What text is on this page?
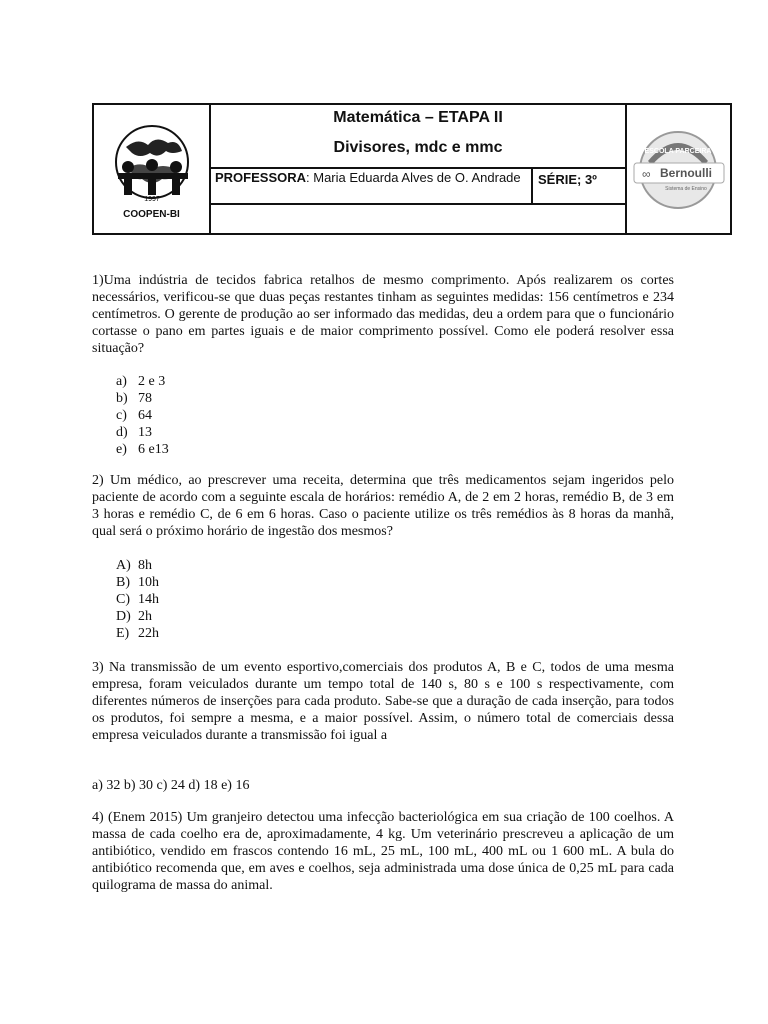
1997
COOPEN-BI
Matemática – ETAPA II
Divisores, mdc e mmc
PROFESSORA: Maria Eduarda Alves de O. Andrade	SÉRIE; 3º
ESCOLA PARCEIRA
∞ Bernoulli
Sistema de Ensino

1)Uma indústria de tecidos fabrica retalhos de mesmo comprimento. Após realizarem os cortes necessários, verificou-se que duas peças restantes tinham as seguintes medidas: 156 centímetros e 234 centímetros. O gerente de produção ao ser informado das medidas, deu a ordem para que o funcionário cortasse o pano em partes iguais e de maior comprimento possível. Como ele poderá resolver essa situação?

a) 2 e 3
b) 78
c) 64
d) 13
e) 6 e13

2) Um médico, ao prescrever uma receita, determina que três medicamentos sejam ingeridos pelo paciente de acordo com a seguinte escala de horários: remédio A, de 2 em 2 horas, remédio B, de 3 em 3 horas e remédio C, de 6 em 6 horas. Caso o paciente utilize os três remédios às 8 horas da manhã, qual será o próximo horário de ingestão dos mesmos?

A) 8h
B) 10h
C) 14h
D) 2h
E) 22h

3) Na transmissão de um evento esportivo,comerciais dos produtos A, B e C, todos de uma mesma empresa, foram veiculados durante um tempo total de 140 s, 80 s e 100 s respectivamente, com diferentes números de inserções para cada produto. Sabe-se que a duração de cada inserção, para todos os produtos, foi sempre a mesma, e a maior possível. Assim, o número total de comerciais dessa empresa veiculados durante a transmissão foi igual a

a) 32 b) 30 c) 24 d) 18 e) 16

4) (Enem 2015) Um granjeiro detectou uma infecção bacteriológica em sua criação de 100 coelhos. A massa de cada coelho era de, aproximadamente, 4 kg. Um veterinário prescreveu a aplicação de um antibiótico, vendido em frascos contendo 16 mL, 25 mL, 100 mL, 400 mL ou 1 600 mL. A bula do antibiótico recomenda que, em aves e coelhos, seja administrada uma dose única de 0,25 mL para cada quilograma de massa do animal.
